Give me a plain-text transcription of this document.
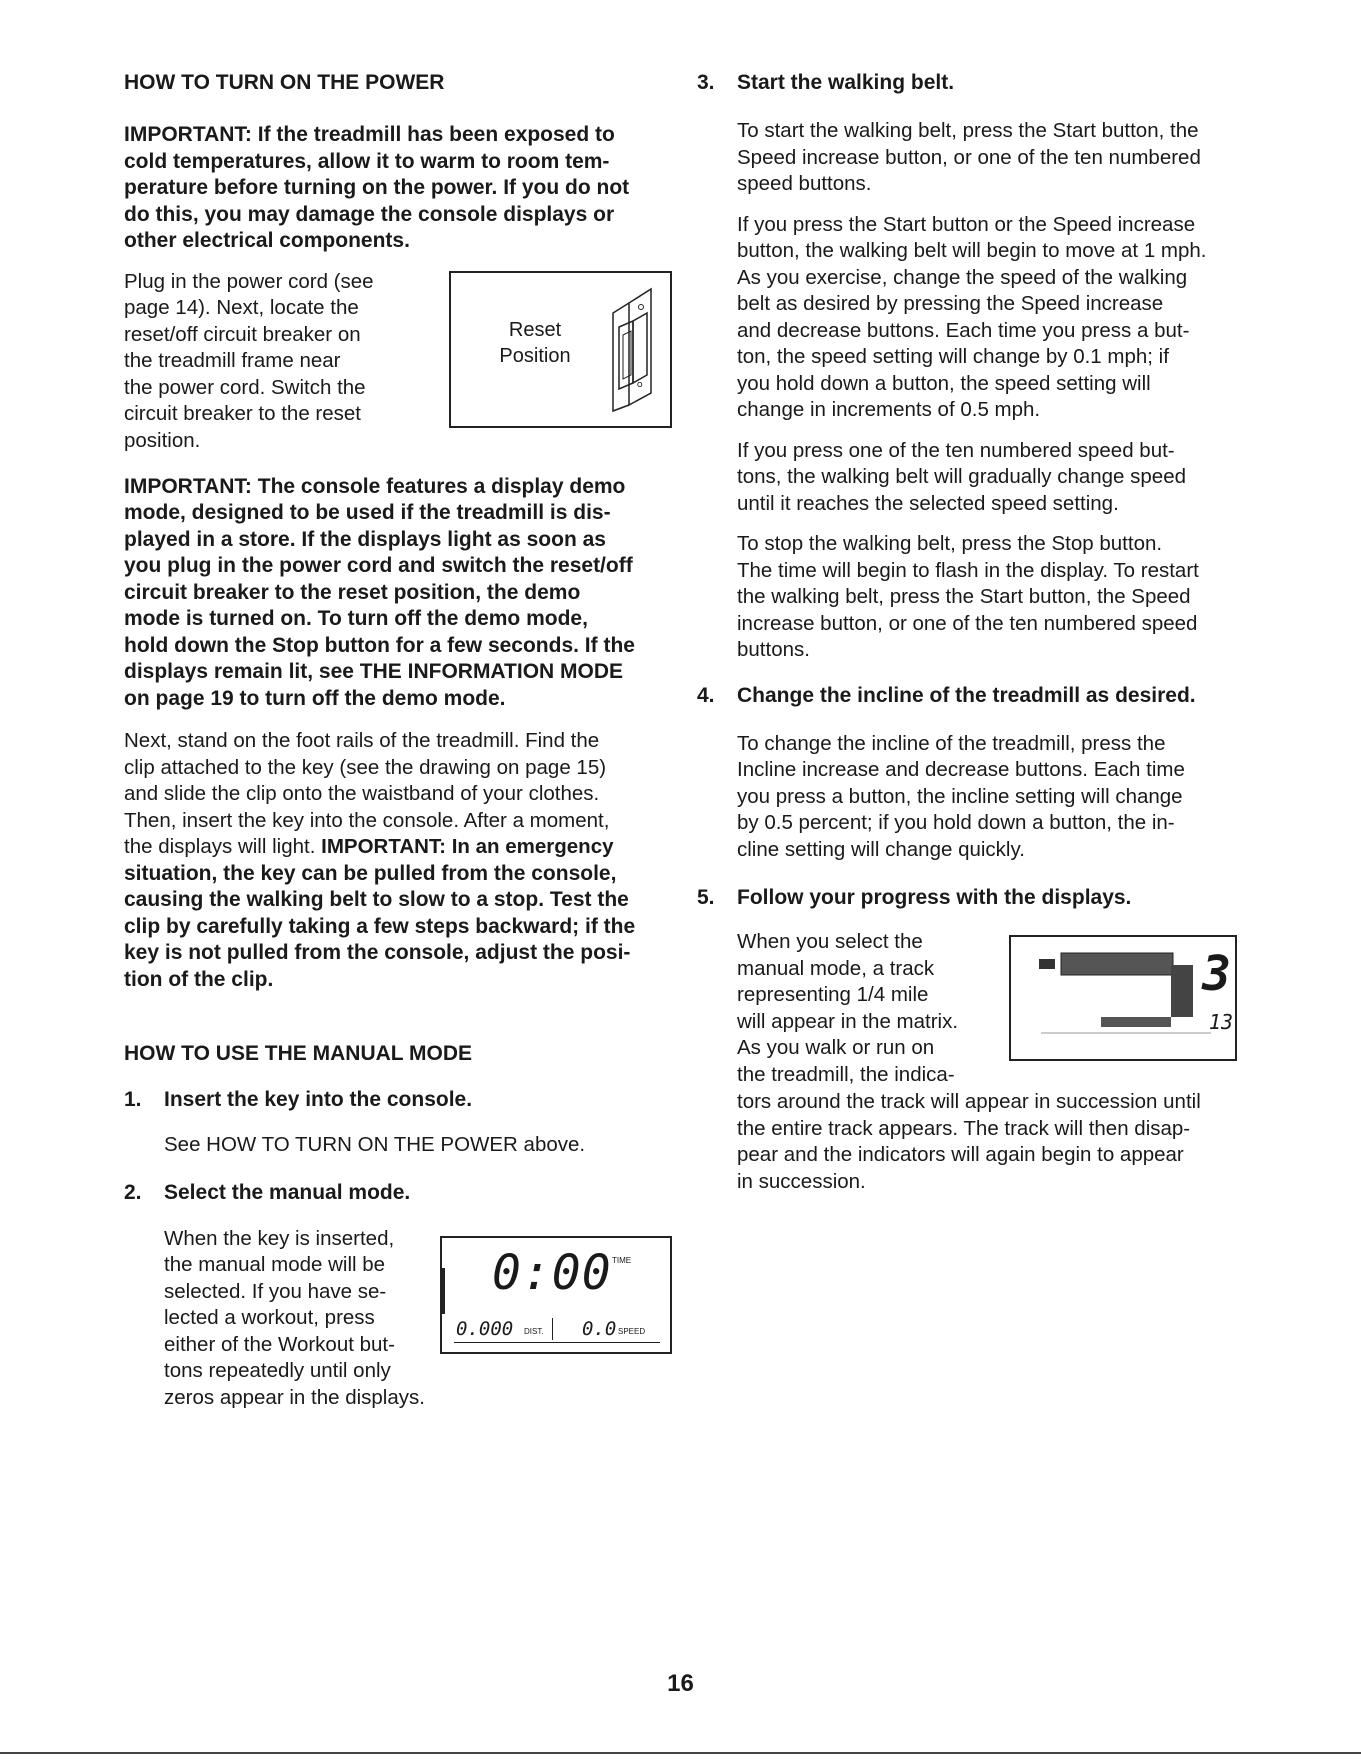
HOW TO TURN ON THE POWER

IMPORTANT: If the treadmill has been exposed to
cold temperatures, allow it to warm to room tem-
perature before turning on the power. If you do not
do this, you may damage the console displays or
other electrical components.
Plug in the power cord (see
page 14). Next, locate the
reset/off circuit breaker on
the treadmill frame near
the power cord. Switch the
circuit breaker to the reset
position.
Reset
Position
O
IMPORTANT: The console features a display demo
mode, designed to be used if the treadmill is dis-
played in a store. If the displays light as soon as
you plug in the power cord and switch the reset/off
circuit breaker to the reset position, the demo
mode is turned on. To turn off the demo mode,
hold down the Stop button for a few seconds. If the
displays remain lit, see THE INFORMATION MODE
on page 19 to turn off the demo mode.
Next, stand on the foot rails of the treadmill. Find the
clip attached to the key (see the drawing on page 15)
and slide the clip onto the waistband of your clothes.
Then, insert the key into the console. After a moment,
the displays will light. IMPORTANT: In an emergency
situation, the key can be pulled from the console,
causing the walking belt to slow to a stop. Test the
clip by carefully taking a few steps backward; if the
key is not pulled from the console, adjust the posi-
tion of the clip.

HOW TO USE THE MANUAL MODE

1.	Insert the key into the console.
See HOW TO TURN ON THE POWER above.
2.	Select the manual mode.
When the key is inserted,
the manual mode will be
selected. If you have se-
lected a workout, press
either of the Workout but-
tons repeatedly until only
zeros appear in the displays.
0:00 TIME
0.000 DIST. 0.0 SPEED
3.	Start the walking belt.
To start the walking belt, press the Start button, the
Speed increase button, or one of the ten numbered
speed buttons.
If you press the Start button or the Speed increase
button, the walking belt will begin to move at 1 mph.
As you exercise, change the speed of the walking
belt as desired by pressing the Speed increase
and decrease buttons. Each time you press a but-
ton, the speed setting will change by 0.1 mph; if
you hold down a button, the speed setting will
change in increments of 0.5 mph.
If you press one of the ten numbered speed but-
tons, the walking belt will gradually change speed
until it reaches the selected speed setting.
To stop the walking belt, press the Stop button.
The time will begin to flash in the display. To restart
the walking belt, press the Start button, the Speed
increase button, or one of the ten numbered speed
buttons.
4.	Change the incline of the treadmill as desired.
To change the incline of the treadmill, press the
Incline increase and decrease buttons. Each time
you press a button, the incline setting will change
by 0.5 percent; if you hold down a button, the in-
cline setting will change quickly.
5.	Follow your progress with the displays.
When you select the
manual mode, a track
representing 1/4 mile
will appear in the matrix.
As you walk or run on
the treadmill, the indica-
3
13
tors around the track will appear in succession until
the entire track appears. The track will then disap-
pear and the indicators will again begin to appear
in succession.
16
